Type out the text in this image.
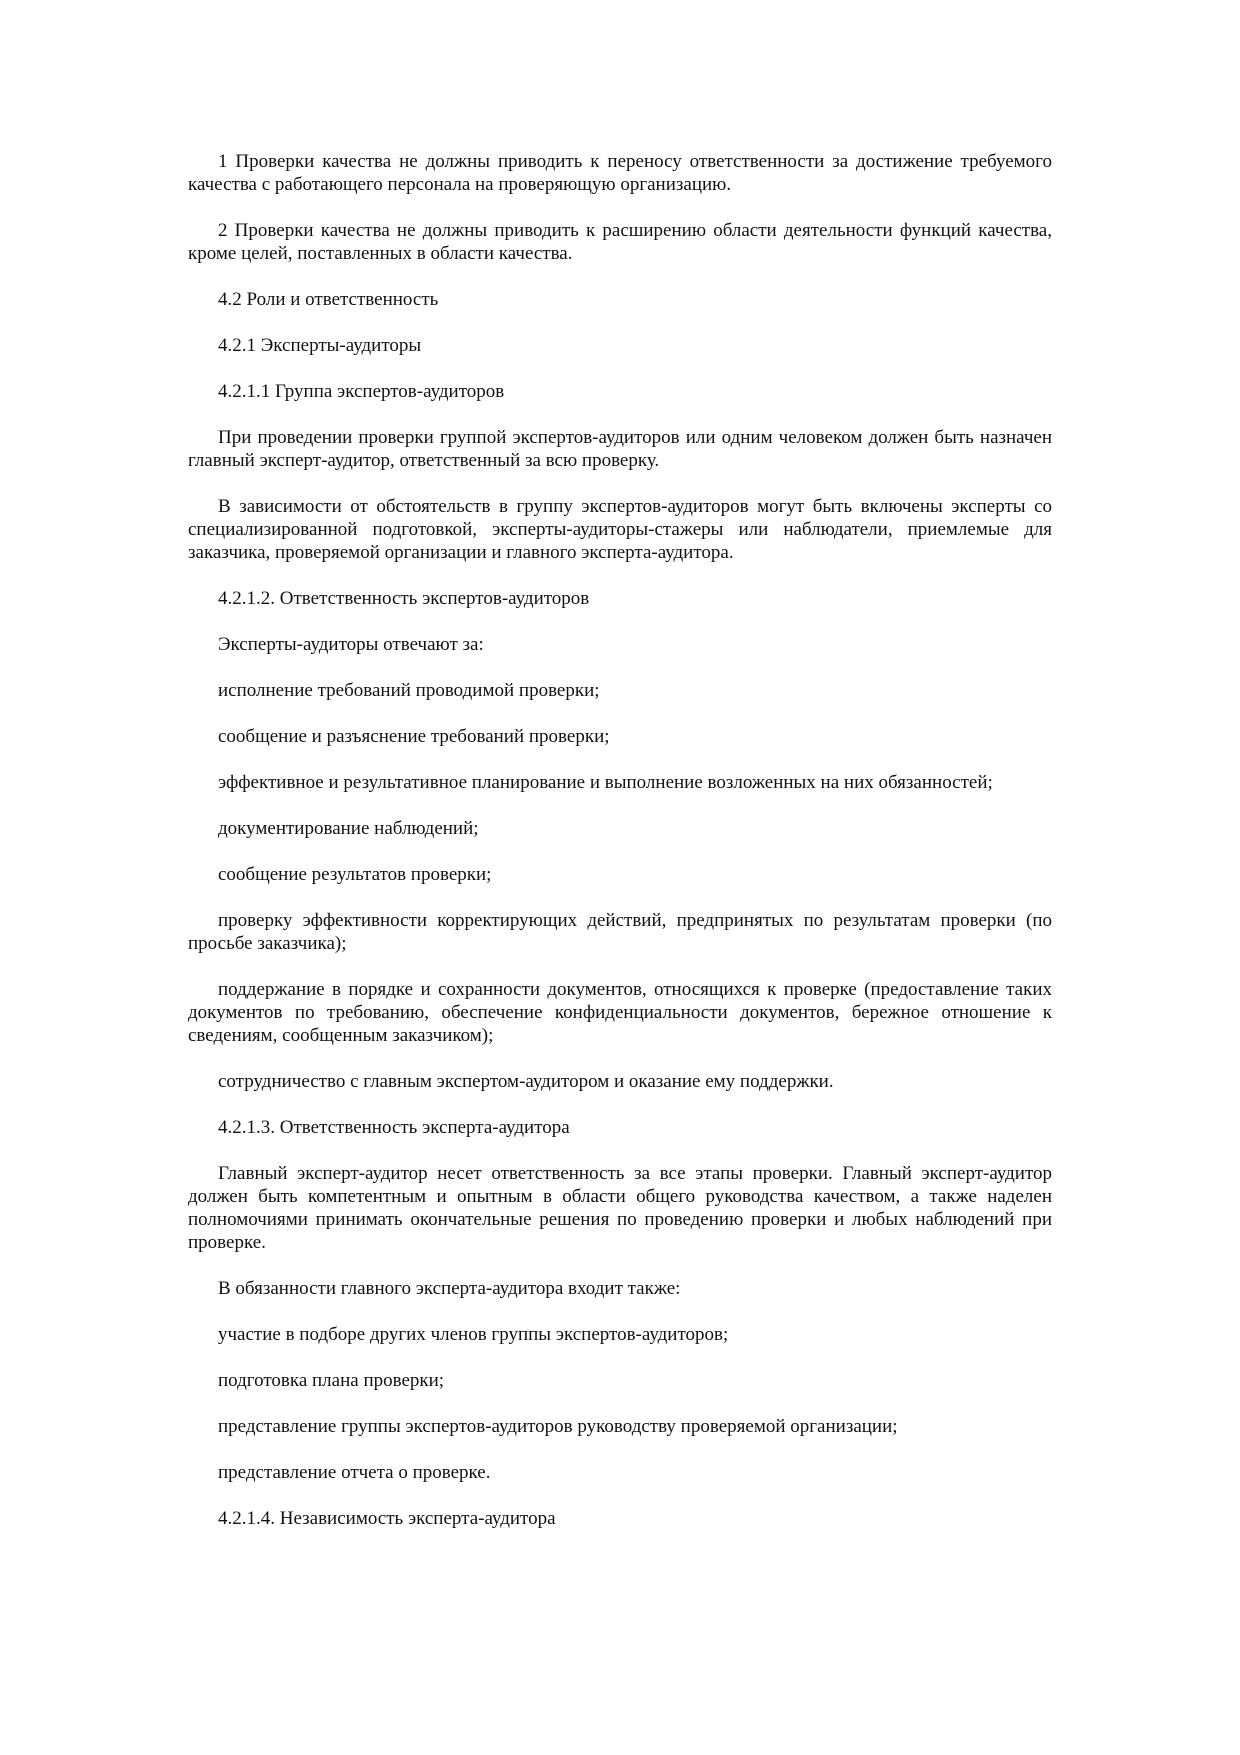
1 Проверки качества не должны приводить к переносу ответственности за достижение требуемого качества с работающего персонала на проверяющую организацию.

2 Проверки качества не должны приводить к расширению области деятельности функций качества, кроме целей, поставленных в области качества.

4.2 Роли и ответственность

4.2.1 Эксперты-аудиторы

4.2.1.1 Группа экспертов-аудиторов

При проведении проверки группой экспертов-аудиторов или одним человеком должен быть назначен главный эксперт-аудитор, ответственный за всю проверку.

В зависимости от обстоятельств в группу экспертов-аудиторов могут быть включены эксперты со специализированной подготовкой, эксперты-аудиторы-стажеры или наблюдатели, приемлемые для заказчика, проверяемой организации и главного эксперта-аудитора.

4.2.1.2. Ответственность экспертов-аудиторов

Эксперты-аудиторы отвечают за:

исполнение требований проводимой проверки;

сообщение и разъяснение требований проверки;

эффективное и результативное планирование и выполнение возложенных на них обязанностей;

документирование наблюдений;

сообщение результатов проверки;

проверку эффективности корректирующих действий, предпринятых по результатам проверки (по просьбе заказчика);

поддержание в порядке и сохранности документов, относящихся к проверке (предоставление таких документов по требованию, обеспечение конфиденциальности документов, бережное отношение к сведениям, сообщенным заказчиком);

сотрудничество с главным экспертом-аудитором и оказание ему поддержки.

4.2.1.3. Ответственность эксперта-аудитора

Главный эксперт-аудитор несет ответственность за все этапы проверки. Главный эксперт-аудитор должен быть компетентным и опытным в области общего руководства качеством, а также наделен полномочиями принимать окончательные решения по проведению проверки и любых наблюдений при проверке.

В обязанности главного эксперта-аудитора входит также:

участие в подборе других членов группы экспертов-аудиторов;

подготовка плана проверки;

представление группы экспертов-аудиторов руководству проверяемой организации;

представление отчета о проверке.

4.2.1.4. Независимость эксперта-аудитора
